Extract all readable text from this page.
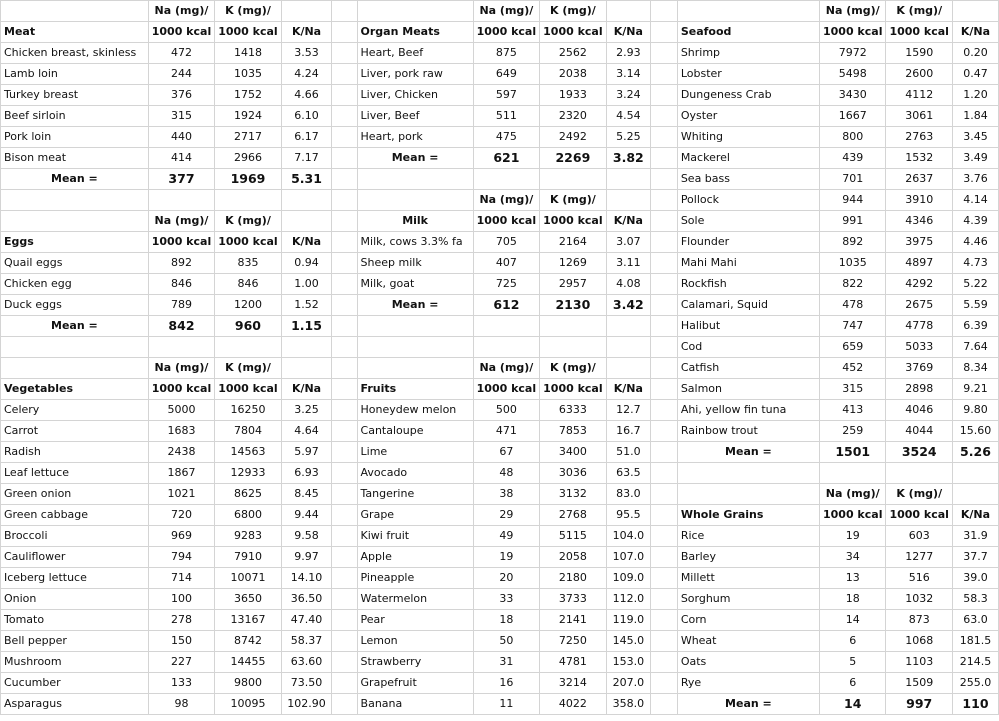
	Na (mg)/	K (mg)/				Na (mg)/	K (mg)/				Na (mg)/	K (mg)/	
Meat	1000 kcal	1000 kcal	K/Na		Organ Meats	1000 kcal	1000 kcal	K/Na		Seafood	1000 kcal	1000 kcal	K/Na
Chicken breast, skinless	472	1418	3.53		Heart, Beef	875	2562	2.93		Shrimp	7972	1590	0.20
Lamb loin	244	1035	4.24		Liver, pork raw	649	2038	3.14		Lobster	5498	2600	0.47
Turkey breast	376	1752	4.66		Liver, Chicken	597	1933	3.24		Dungeness Crab	3430	4112	1.20
Beef sirloin	315	1924	6.10		Liver, Beef	511	2320	4.54		Oyster	1667	3061	1.84
Pork loin	440	2717	6.17		Heart, pork	475	2492	5.25		Whiting	800	2763	3.45
Bison meat	414	2966	7.17		Mean =	621	2269	3.82		Mackerel	439	1532	3.49
Mean =	377	1969	5.31							Sea bass	701	2637	3.76
						Na (mg)/	K (mg)/			Pollock	944	3910	4.14
	Na (mg)/	K (mg)/			Milk	1000 kcal	1000 kcal	K/Na		Sole	991	4346	4.39
Eggs	1000 kcal	1000 kcal	K/Na		Milk, cows 3.3% fa	705	2164	3.07		Flounder	892	3975	4.46
Quail eggs	892	835	0.94		Sheep milk	407	1269	3.11		Mahi Mahi	1035	4897	4.73
Chicken egg	846	846	1.00		Milk, goat	725	2957	4.08		Rockfish	822	4292	5.22
Duck eggs	789	1200	1.52		Mean =	612	2130	3.42		Calamari, Squid	478	2675	5.59
Mean =	842	960	1.15							Halibut	747	4778	6.39
										Cod	659	5033	7.64
	Na (mg)/	K (mg)/				Na (mg)/	K (mg)/			Catfish	452	3769	8.34
Vegetables	1000 kcal	1000 kcal	K/Na		Fruits	1000 kcal	1000 kcal	K/Na		Salmon	315	2898	9.21
Celery	5000	16250	3.25		Honeydew melon	500	6333	12.7		Ahi, yellow fin tuna	413	4046	9.80
Carrot	1683	7804	4.64		Cantaloupe	471	7853	16.7		Rainbow trout	259	4044	15.60
Radish	2438	14563	5.97		Lime	67	3400	51.0		Mean =	1501	3524	5.26
Leaf lettuce	1867	12933	6.93		Avocado	48	3036	63.5					
Green onion	1021	8625	8.45		Tangerine	38	3132	83.0			Na (mg)/	K (mg)/	
Green cabbage	720	6800	9.44		Grape	29	2768	95.5		Whole Grains	1000 kcal	1000 kcal	K/Na
Broccoli	969	9283	9.58		Kiwi fruit	49	5115	104.0		Rice	19	603	31.9
Cauliflower	794	7910	9.97		Apple	19	2058	107.0		Barley	34	1277	37.7
Iceberg lettuce	714	10071	14.10		Pineapple	20	2180	109.0		Millett	13	516	39.0
Onion	100	3650	36.50		Watermelon	33	3733	112.0		Sorghum	18	1032	58.3
Tomato	278	13167	47.40		Pear	18	2141	119.0		Corn	14	873	63.0
Bell pepper	150	8742	58.37		Lemon	50	7250	145.0		Wheat	6	1068	181.5
Mushroom	227	14455	63.60		Strawberry	31	4781	153.0		Oats	5	1103	214.5
Cucumber	133	9800	73.50		Grapefruit	16	3214	207.0		Rye	6	1509	255.0
Asparagus	98	10095	102.90		Banana	11	4022	358.0		Mean =	14	997	110
